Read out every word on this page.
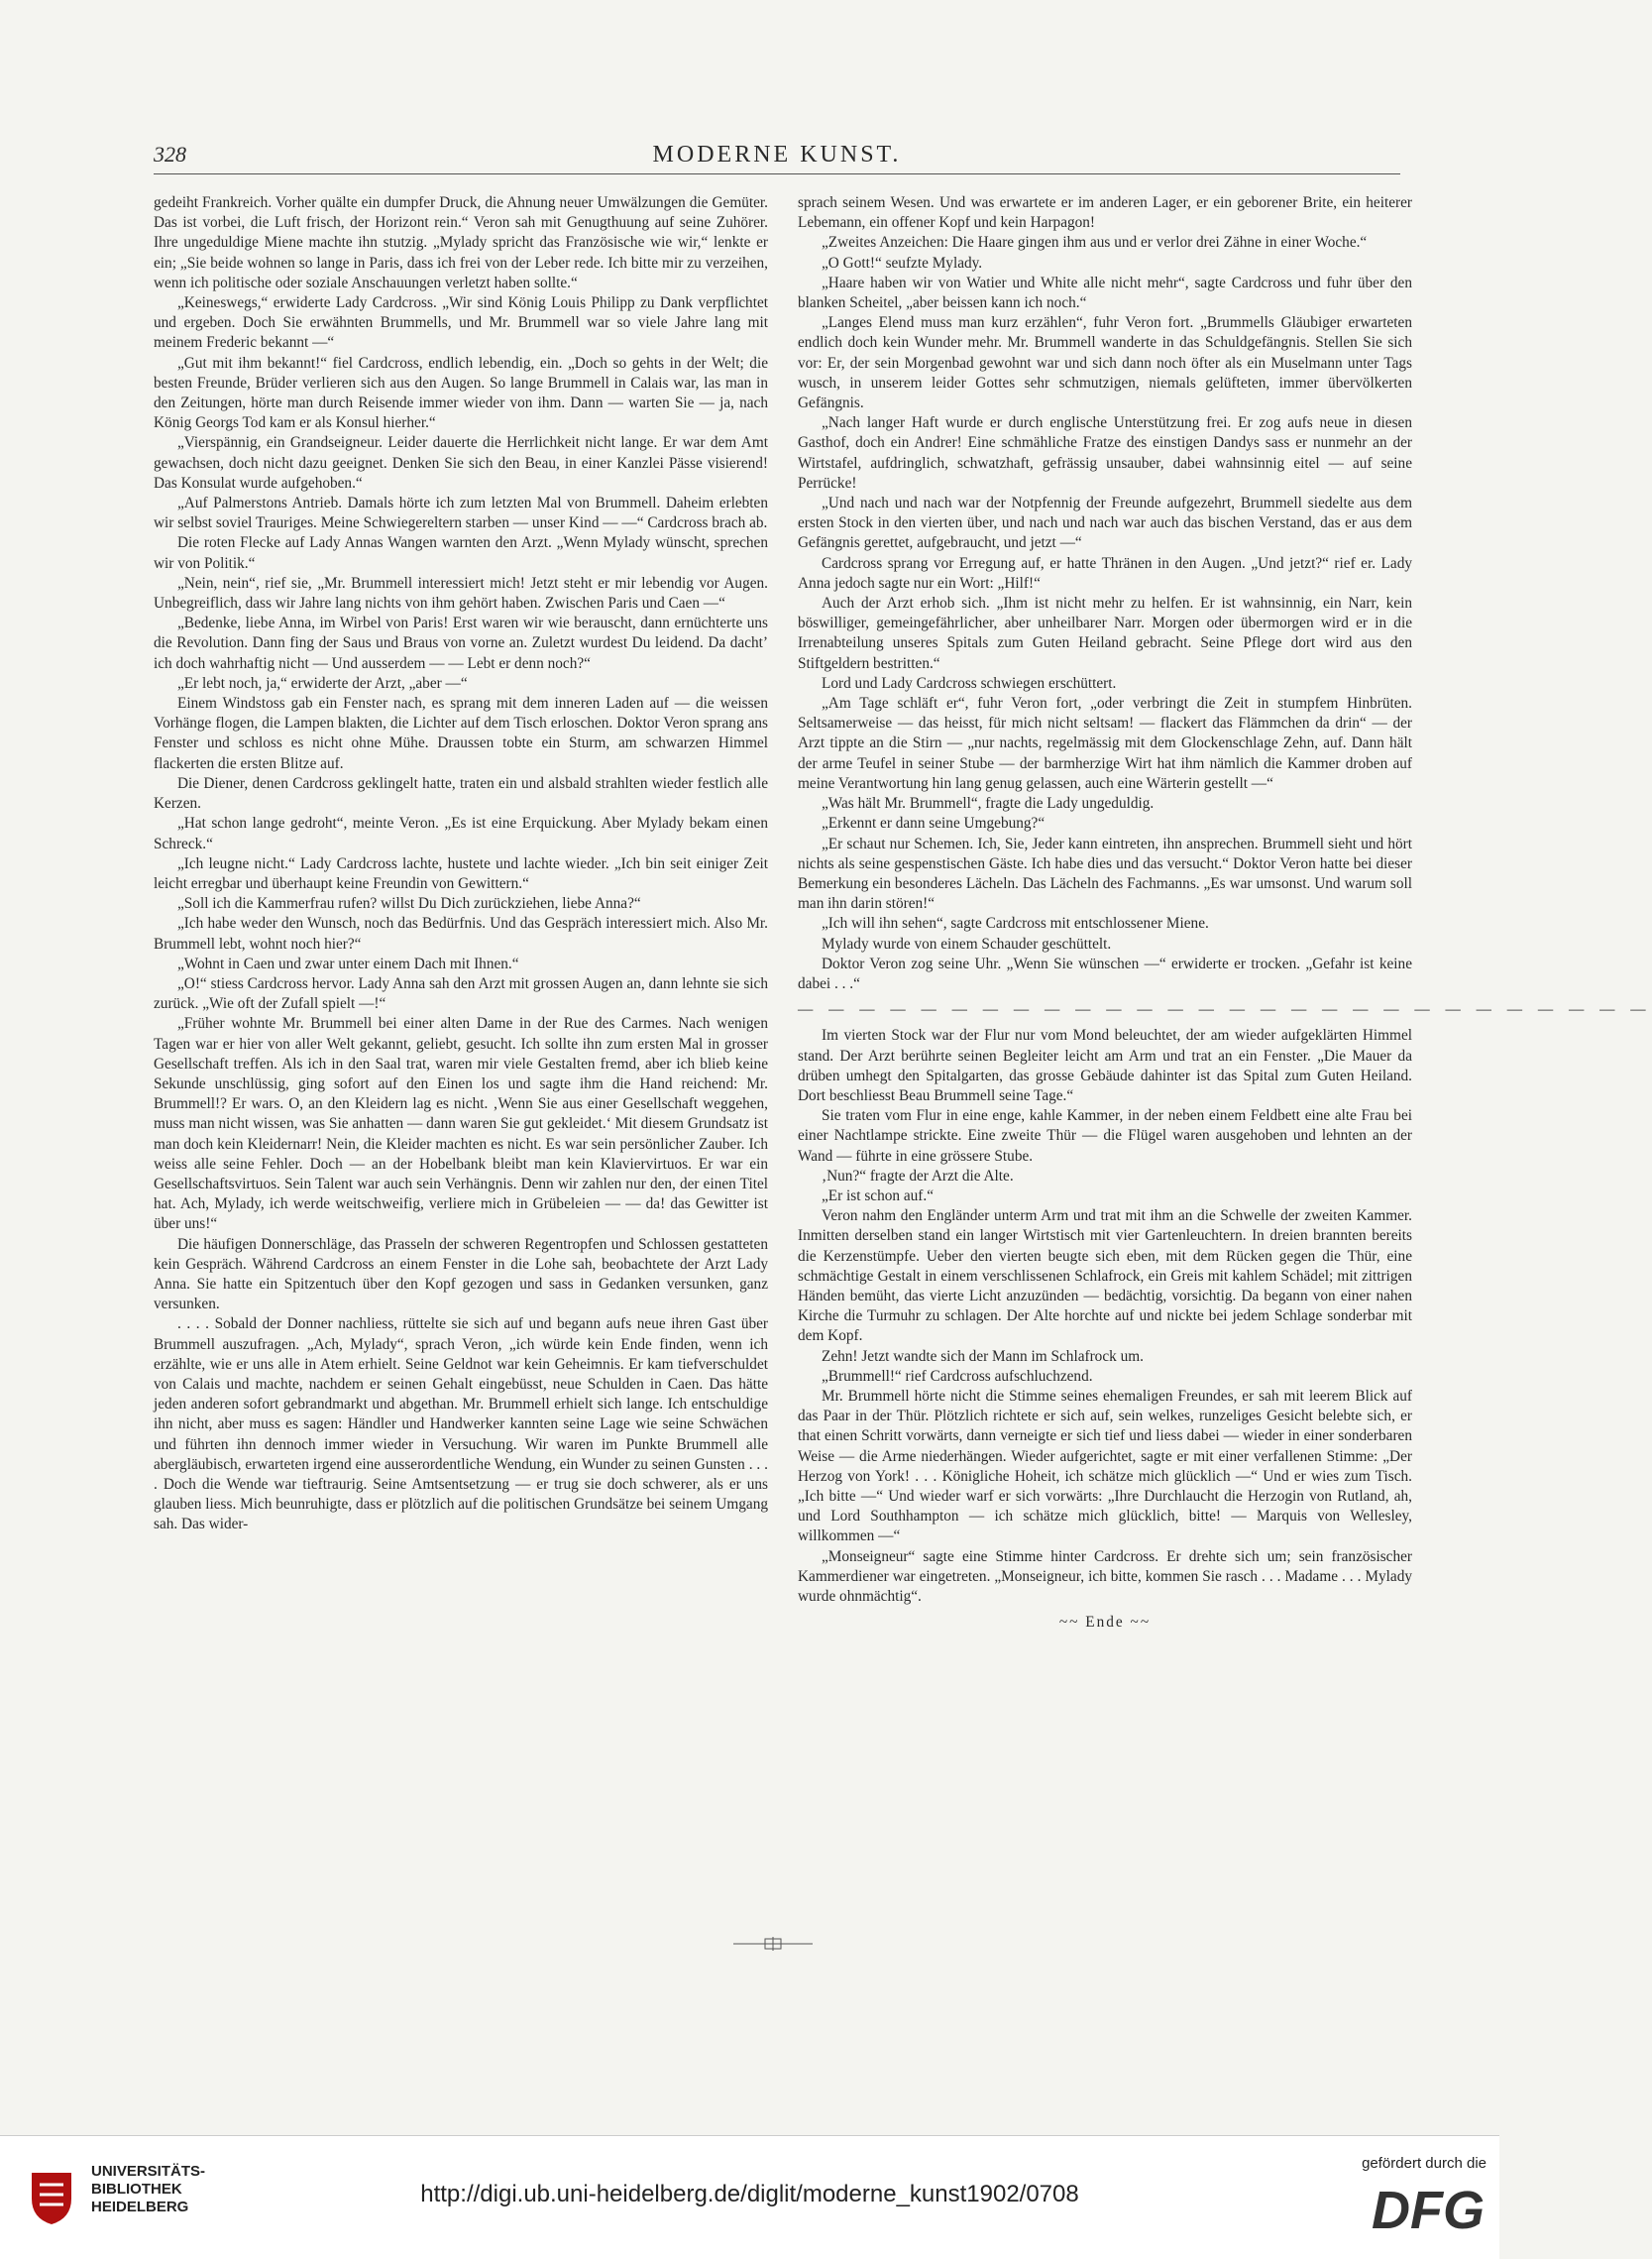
328	MODERNE KUNST.

gedeiht Frankreich. Vorher quälte ein dumpfer Druck, die Ahnung neuer Umwälzungen die Gemüter. Das ist vorbei, die Luft frisch, der Horizont rein.“ Veron sah mit Genugthuung auf seine Zuhörer. Ihre ungeduldige Miene machte ihn stutzig. „Mylady spricht das Französische wie wir,“ lenkte er ein; „Sie beide wohnen so lange in Paris, dass ich frei von der Leber rede. Ich bitte mir zu verzeihen, wenn ich politische oder soziale Anschauungen verletzt haben sollte.“

„Keineswegs,“ erwiderte Lady Cardcross. „Wir sind König Louis Philipp zu Dank verpflichtet und ergeben. Doch Sie erwähnten Brummells, und Mr. Brummell war so viele Jahre lang mit meinem Frederic bekannt —“

„Gut mit ihm bekannt!“ fiel Cardcross, endlich lebendig, ein. „Doch so gehts in der Welt; die besten Freunde, Brüder verlieren sich aus den Augen. So lange Brummell in Calais war, las man in den Zeitungen, hörte man durch Reisende immer wieder von ihm. Dann — warten Sie — ja, nach König Georgs Tod kam er als Konsul hierher.“

„Vierspännig, ein Grandseigneur. Leider dauerte die Herrlichkeit nicht lange. Er war dem Amt gewachsen, doch nicht dazu geeignet. Denken Sie sich den Beau, in einer Kanzlei Pässe visierend! Das Konsulat wurde aufgehoben.“

„Auf Palmerstons Antrieb. Damals hörte ich zum letzten Mal von Brummell. Daheim erlebten wir selbst soviel Trauriges. Meine Schwiegereltern starben — unser Kind — —“ Cardcross brach ab.

Die roten Flecke auf Lady Annas Wangen warnten den Arzt. „Wenn Mylady wünscht, sprechen wir von Politik.“

„Nein, nein“, rief sie, „Mr. Brummell interessiert mich! Jetzt steht er mir lebendig vor Augen. Unbegreiflich, dass wir Jahre lang nichts von ihm gehört haben. Zwischen Paris und Caen —“

„Bedenke, liebe Anna, im Wirbel von Paris! Erst waren wir wie berauscht, dann ernüchterte uns die Revolution. Dann fing der Saus und Braus von vorne an. Zuletzt wurdest Du leidend. Da dacht’ ich doch wahrhaftig nicht — Und ausserdem — — Lebt er denn noch?“

„Er lebt noch, ja,“ erwiderte der Arzt, „aber —“

Einem Windstoss gab ein Fenster nach, es sprang mit dem inneren Laden auf — die weissen Vorhänge flogen, die Lampen blakten, die Lichter auf dem Tisch erloschen. Doktor Veron sprang ans Fenster und schloss es nicht ohne Mühe. Draussen tobte ein Sturm, am schwarzen Himmel flackerten die ersten Blitze auf.

Die Diener, denen Cardcross geklingelt hatte, traten ein und alsbald strahlten wieder festlich alle Kerzen.

„Hat schon lange gedroht“, meinte Veron. „Es ist eine Erquickung. Aber Mylady bekam einen Schreck.“

„Ich leugne nicht.“ Lady Cardcross lachte, hustete und lachte wieder. „Ich bin seit einiger Zeit leicht erregbar und überhaupt keine Freundin von Gewittern.“

„Soll ich die Kammerfrau rufen? willst Du Dich zurückziehen, liebe Anna?“

„Ich habe weder den Wunsch, noch das Bedürfnis. Und das Gespräch interessiert mich. Also Mr. Brummell lebt, wohnt noch hier?“

„Wohnt in Caen und zwar unter einem Dach mit Ihnen.“

„O!“ stiess Cardcross hervor. Lady Anna sah den Arzt mit grossen Augen an, dann lehnte sie sich zurück. „Wie oft der Zufall spielt —!“

„Früher wohnte Mr. Brummell bei einer alten Dame in der Rue des Carmes. Nach wenigen Tagen war er hier von aller Welt gekannt, geliebt, gesucht. Ich sollte ihn zum ersten Mal in grosser Gesellschaft treffen. Als ich in den Saal trat, waren mir viele Gestalten fremd, aber ich blieb keine Sekunde unschlüssig, ging sofort auf den Einen los und sagte ihm die Hand reichend: Mr. Brummell!? Er wars. O, an den Kleidern lag es nicht. ‚Wenn Sie aus einer Gesellschaft weggehen, muss man nicht wissen, was Sie anhatten — dann waren Sie gut gekleidet.‘ Mit diesem Grundsatz ist man doch kein Kleidernarr! Nein, die Kleider machten es nicht. Es war sein persönlicher Zauber. Ich weiss alle seine Fehler. Doch — an der Hobelbank bleibt man kein Klaviervirtuos. Er war ein Gesellschaftsvirtuos. Sein Talent war auch sein Verhängnis. Denn wir zahlen nur den, der einen Titel hat. Ach, Mylady, ich werde weitschweifig, verliere mich in Grübeleien — — da! das Gewitter ist über uns!“

Die häufigen Donnerschläge, das Prasseln der schweren Regentropfen und Schlossen gestatteten kein Gespräch. Während Cardcross an einem Fenster in die Lohe sah, beobachtete der Arzt Lady Anna. Sie hatte ein Spitzentuch über den Kopf gezogen und sass in Gedanken versunken, ganz versunken.

. . . . Sobald der Donner nachliess, rüttelte sie sich auf und begann aufs neue ihren Gast über Brummell auszufragen. „Ach, Mylady“, sprach Veron, „ich würde kein Ende finden, wenn ich erzählte, wie er uns alle in Atem erhielt. Seine Geldnot war kein Geheimnis. Er kam tiefverschuldet von Calais und machte, nachdem er seinen Gehalt eingebüsst, neue Schulden in Caen. Das hätte jeden anderen sofort gebrandmarkt und abgethan. Mr. Brummell erhielt sich lange. Ich entschuldige ihn nicht, aber muss es sagen: Händler und Handwerker kannten seine Lage wie seine Schwächen und führten ihn dennoch immer wieder in Versuchung. Wir waren im Punkte Brummell alle abergläubisch, erwarteten irgend eine ausserordentliche Wendung, ein Wunder zu seinen Gunsten . . . . Doch die Wende war tieftraurig. Seine Amtsentsetzung — er trug sie doch schwerer, als er uns glauben liess. Mich beunruhigte, dass er plötzlich auf die politischen Grundsätze bei seinem Umgang sah. Das wider-

sprach seinem Wesen. Und was erwartete er im anderen Lager, er ein geborener Brite, ein heiterer Lebemann, ein offener Kopf und kein Harpagon!

„Zweites Anzeichen: Die Haare gingen ihm aus und er verlor drei Zähne in einer Woche.“

„O Gott!“ seufzte Mylady.

„Haare haben wir von Watier und White alle nicht mehr“, sagte Cardcross und fuhr über den blanken Scheitel, „aber beissen kann ich noch.“

„Langes Elend muss man kurz erzählen“, fuhr Veron fort. „Brummells Gläubiger erwarteten endlich doch kein Wunder mehr. Mr. Brummell wanderte in das Schuldgefängnis. Stellen Sie sich vor: Er, der sein Morgenbad gewohnt war und sich dann noch öfter als ein Muselmann unter Tags wusch, in unserem leider Gottes sehr schmutzigen, niemals gelüfteten, immer übervölkerten Gefängnis.

„Nach langer Haft wurde er durch englische Unterstützung frei. Er zog aufs neue in diesen Gasthof, doch ein Andrer! Eine schmähliche Fratze des einstigen Dandys sass er nunmehr an der Wirtstafel, aufdringlich, schwatzhaft, gefrässig unsauber, dabei wahnsinnig eitel — auf seine Perrücke!

„Und nach und nach war der Notpfennig der Freunde aufgezehrt, Brummell siedelte aus dem ersten Stock in den vierten über, und nach und nach war auch das bischen Verstand, das er aus dem Gefängnis gerettet, aufgebraucht, und jetzt —“

Cardcross sprang vor Erregung auf, er hatte Thränen in den Augen. „Und jetzt?“ rief er. Lady Anna jedoch sagte nur ein Wort: „Hilf!“

Auch der Arzt erhob sich. „Ihm ist nicht mehr zu helfen. Er ist wahnsinnig, ein Narr, kein böswilliger, gemeingefährlicher, aber unheilbarer Narr. Morgen oder übermorgen wird er in die Irrenabteilung unseres Spitals zum Guten Heiland gebracht. Seine Pflege dort wird aus den Stiftgeldern bestritten.“

Lord und Lady Cardcross schwiegen erschüttert.

„Am Tage schläft er“, fuhr Veron fort, „oder verbringt die Zeit in stumpfem Hinbrüten. Seltsamerweise — das heisst, für mich nicht seltsam! — flackert das Flämmchen da drin“ — der Arzt tippte an die Stirn — „nur nachts, regelmässig mit dem Glockenschlage Zehn, auf. Dann hält der arme Teufel in seiner Stube — der barmherzige Wirt hat ihm nämlich die Kammer droben auf meine Verantwortung hin lang genug gelassen, auch eine Wärterin gestellt —“

„Was hält Mr. Brummell“, fragte die Lady ungeduldig.

„Erkennt er dann seine Umgebung?“

„Er schaut nur Schemen. Ich, Sie, Jeder kann eintreten, ihn ansprechen. Brummell sieht und hört nichts als seine gespenstischen Gäste. Ich habe dies und das versucht.“ Doktor Veron hatte bei dieser Bemerkung ein besonderes Lächeln. Das Lächeln des Fachmanns. „Es war umsonst. Und warum soll man ihn darin stören!“

„Ich will ihn sehen“, sagte Cardcross mit entschlossener Miene.

Mylady wurde von einem Schauder geschüttelt.

Doktor Veron zog seine Uhr. „Wenn Sie wünschen —“ erwiderte er trocken. „Gefahr ist keine dabei . . .“

— — — — — — — — — — — — — — — — — — — — — — — — — — — —

Im vierten Stock war der Flur nur vom Mond beleuchtet, der am wieder aufgeklärten Himmel stand. Der Arzt berührte seinen Begleiter leicht am Arm und trat an ein Fenster. „Die Mauer da drüben umhegt den Spitalgarten, das grosse Gebäude dahinter ist das Spital zum Guten Heiland. Dort beschliesst Beau Brummell seine Tage.“

Sie traten vom Flur in eine enge, kahle Kammer, in der neben einem Feldbett eine alte Frau bei einer Nachtlampe strickte. Eine zweite Thür — die Flügel waren ausgehoben und lehnten an der Wand — führte in eine grössere Stube.

‚Nun?“ fragte der Arzt die Alte.

„Er ist schon auf.“

Veron nahm den Engländer unterm Arm und trat mit ihm an die Schwelle der zweiten Kammer. Inmitten derselben stand ein langer Wirtstisch mit vier Gartenleuchtern. In dreien brannten bereits die Kerzenstümpfe. Ueber den vierten beugte sich eben, mit dem Rücken gegen die Thür, eine schmächtige Gestalt in einem verschlissenen Schlafrock, ein Greis mit kahlem Schädel; mit zittrigen Händen bemüht, das vierte Licht anzuzünden — bedächtig, vorsichtig. Da begann von einer nahen Kirche die Turmuhr zu schlagen. Der Alte horchte auf und nickte bei jedem Schlage sonderbar mit dem Kopf.

Zehn! Jetzt wandte sich der Mann im Schlafrock um.

„Brummell!“ rief Cardcross aufschluchzend.

Mr. Brummell hörte nicht die Stimme seines ehemaligen Freundes, er sah mit leerem Blick auf das Paar in der Thür. Plötzlich richtete er sich auf, sein welkes, runzeliges Gesicht belebte sich, er that einen Schritt vorwärts, dann verneigte er sich tief und liess dabei — wieder in einer sonderbaren Weise — die Arme niederhängen. Wieder aufgerichtet, sagte er mit einer verfallenen Stimme: „Der Herzog von York! . . . Königliche Hoheit, ich schätze mich glücklich —“ Und er wies zum Tisch. „Ich bitte —“ Und wieder warf er sich vorwärts: „Ihre Durchlaucht die Herzogin von Rutland, ah, und Lord Southhampton — ich schätze mich glücklich, bitte! — Marquis von Wellesley, willkommen —“

„Monseigneur“ sagte eine Stimme hinter Cardcross. Er drehte sich um; sein französischer Kammerdiener war eingetreten. „Monseigneur, ich bitte, kommen Sie rasch . . . Madame . . . Mylady wurde ohnmächtig“.

~~ Ende ~~

UNIVERSITÄTS-
BIBLIOTHEK
HEIDELBERG	http://digi.ub.uni-heidelberg.de/diglit/moderne_kunst1902/0708
gefördert durch die
DFG
